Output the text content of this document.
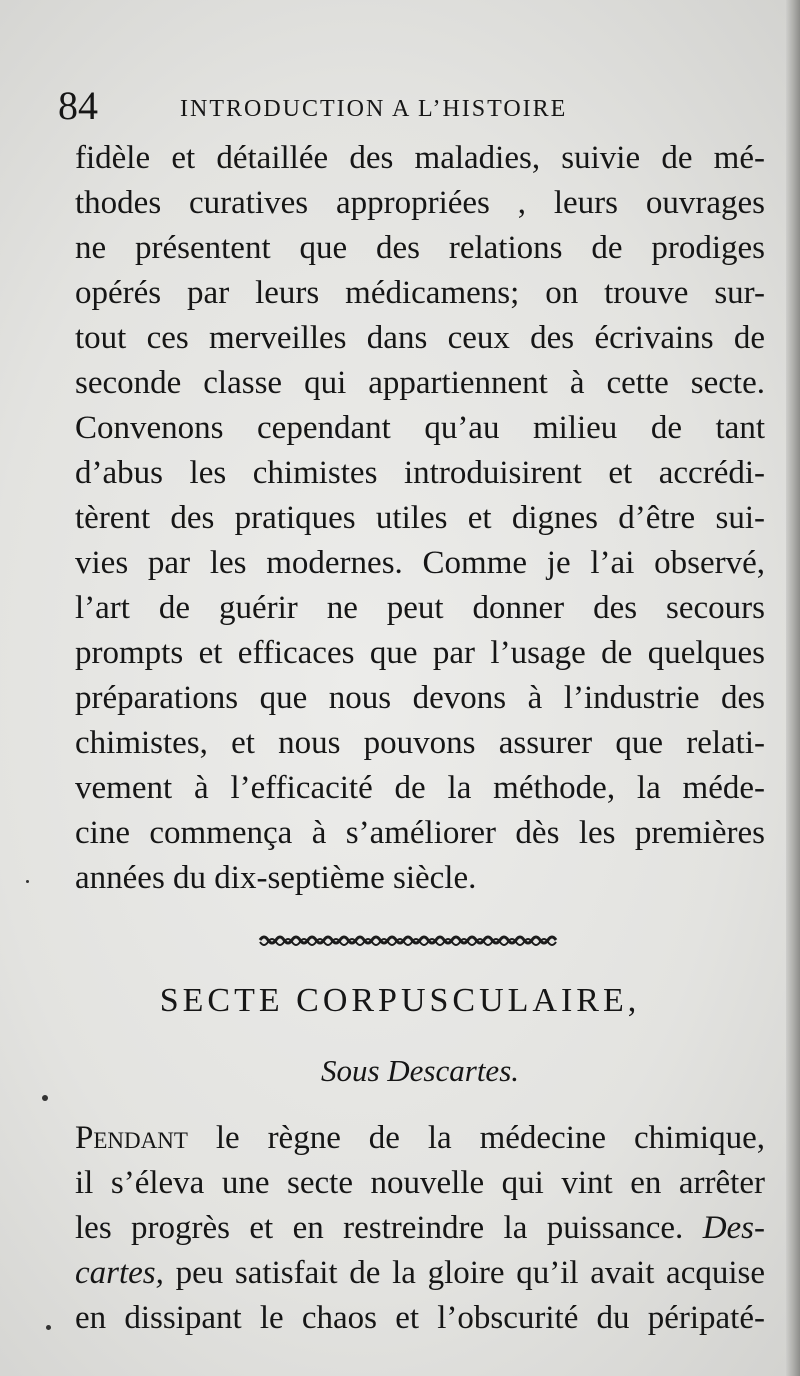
84	INTRODUCTION A L’HISTOIRE
fidèle et détaillée des maladies, suivie de mé-
thodes curatives appropriées , leurs ouvrages
ne présentent que des relations de prodiges
opérés par leurs médicamens; on trouve sur-
tout ces merveilles dans ceux des écrivains de
seconde classe qui appartiennent à cette secte.
Convenons cependant qu’au milieu de tant
d’abus les chimistes introduisirent et accrédi-
tèrent des pratiques utiles et dignes d’être sui-
vies par les modernes. Comme je l’ai observé,
l’art de guérir ne peut donner des secours
prompts et efficaces que par l’usage de quelques
préparations que nous devons à l’industrie des
chimistes, et nous pouvons assurer que relati-
vement à l’efficacité de la méthode, la méde-
cine commença à s’améliorer dès les premières
années du dix-septième siècle.
SECTE CORPUSCULAIRE,
Sous Descartes.
Pendant le règne de la médecine chimique,
il s’éleva une secte nouvelle qui vint en arrêter
les progrès et en restreindre la puissance. Des-
cartes, peu satisfait de la gloire qu’il avait acquise
en dissipant le chaos et l’obscurité du péripaté-
